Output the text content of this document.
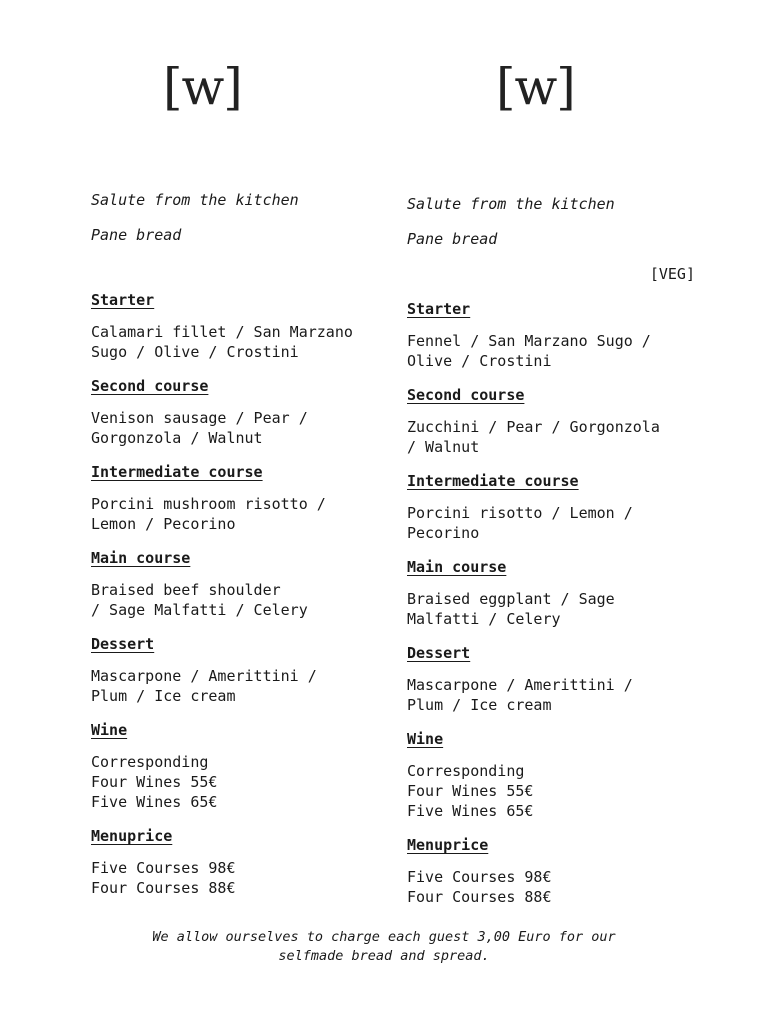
[w]	[w]
Salute from the kitchen
Pane bread
Starter
Calamari fillet / San Marzano
Sugo / Olive / Crostini
Second course
Venison sausage / Pear /
Gorgonzola / Walnut
Intermediate course
Porcini mushroom risotto /
Lemon / Pecorino
Main course
Braised beef shoulder
/ Sage Malfatti / Celery
Dessert
Mascarpone / Amerittini /
Plum / Ice cream
Wine
Corresponding
Four Wines 55€
Five Wines 65€
Menuprice
Five Courses 98€
Four Courses 88€
Salute from the kitchen
Pane bread
[VEG]
Starter
Fennel / San Marzano Sugo /
Olive / Crostini
Second course
Zucchini / Pear / Gorgonzola
/ Walnut
Intermediate course
Porcini risotto / Lemon /
Pecorino
Main course
Braised eggplant / Sage
Malfatti / Celery
Dessert
Mascarpone / Amerittini /
Plum / Ice cream
Wine
Corresponding
Four Wines 55€
Five Wines 65€
Menuprice
Five Courses 98€
Four Courses 88€
We allow ourselves to charge each guest 3,00 Euro for our
selfmade bread and spread.
